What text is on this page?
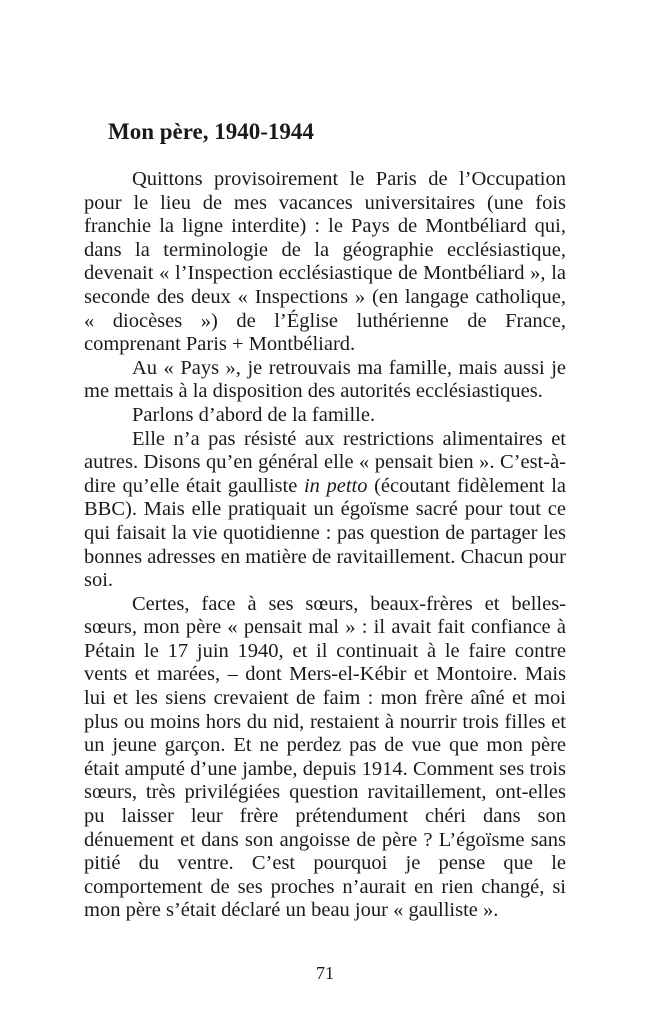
Mon père, 1940-1944

Quittons provisoirement le Paris de l’Occupation pour le lieu de mes vacances universitaires (une fois franchie la ligne interdite) : le Pays de Montbéliard qui, dans la terminologie de la géographie ecclésiastique, devenait « l’Inspection ecclésiastique de Montbéliard », la seconde des deux « Inspections » (en langage catholique, « diocèses ») de l’Église luthérienne de France, comprenant Paris + Montbéliard.

Au « Pays », je retrouvais ma famille, mais aussi je me mettais à la disposition des autorités ecclésiastiques.

Parlons d’abord de la famille.

Elle n’a pas résisté aux restrictions alimentaires et autres. Disons qu’en général elle « pensait bien ». C’est-à-dire qu’elle était gaulliste in petto (écoutant fidèlement la BBC). Mais elle pratiquait un égoïsme sacré pour tout ce qui faisait la vie quotidienne : pas question de partager les bonnes adresses en matière de ravitaillement. Chacun pour soi.

Certes, face à ses sœurs, beaux-frères et belles-sœurs, mon père « pensait mal » : il avait fait confiance à Pétain le 17 juin 1940, et il continuait à le faire contre vents et marées, – dont Mers-el-Kébir et Montoire. Mais lui et les siens crevaient de faim : mon frère aîné et moi plus ou moins hors du nid, restaient à nourrir trois filles et un jeune garçon. Et ne perdez pas de vue que mon père était amputé d’une jambe, depuis 1914. Comment ses trois sœurs, très privilégiées question ravitaillement, ont-elles pu laisser leur frère prétendument chéri dans son dénuement et dans son angoisse de père ? L’égoïsme sans pitié du ventre. C’est pourquoi je pense que le comportement de ses proches n’aurait en rien changé, si mon père s’était déclaré un beau jour « gaulliste ».

71
